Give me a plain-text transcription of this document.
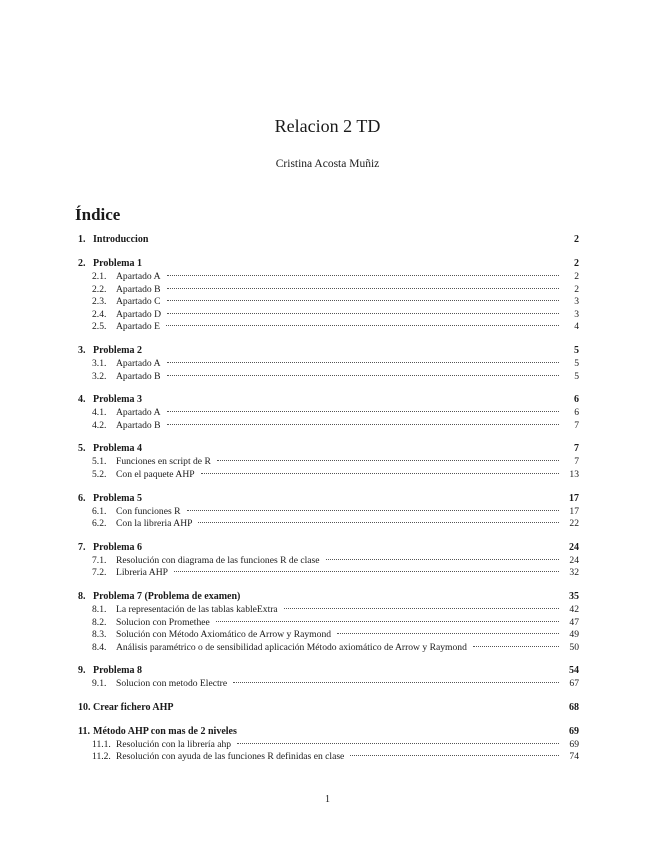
Relacion 2 TD
Cristina Acosta Muñiz
Índice
1. Introduccion	2
2. Problema 1	2
2.1.	Apartado A	2
2.2.	Apartado B	2
2.3.	Apartado C	3
2.4.	Apartado D	3
2.5.	Apartado E	4
3. Problema 2	5
3.1.	Apartado A	5
3.2.	Apartado B	5
4. Problema 3	6
4.1.	Apartado A	6
4.2.	Apartado B	7
5. Problema 4	7
5.1.	Funciones en script de R	7
5.2.	Con el paquete AHP	13
6. Problema 5	17
6.1.	Con funciones R	17
6.2.	Con la libreria AHP	22
7. Problema 6	24
7.1.	Resolución con diagrama de las funciones R de clase	24
7.2.	Libreria AHP	32
8. Problema 7 (Problema de examen)	35
8.1.	La representación de las tablas kableExtra	42
8.2.	Solucion con Promethee	47
8.3.	Solución con Método Axiomático de Arrow y Raymond	49
8.4.	Análisis paramétrico o de sensibilidad aplicación Método axiomático de Arrow y Raymond	50
9. Problema 8	54
9.1.	Solucion con metodo Electre	67
10. Crear fichero AHP	68
11. Método AHP con mas de 2 niveles	69
11.1. Resolución con la librería ahp	69
11.2. Resolución con ayuda de las funciones R definidas en clase	74
1
